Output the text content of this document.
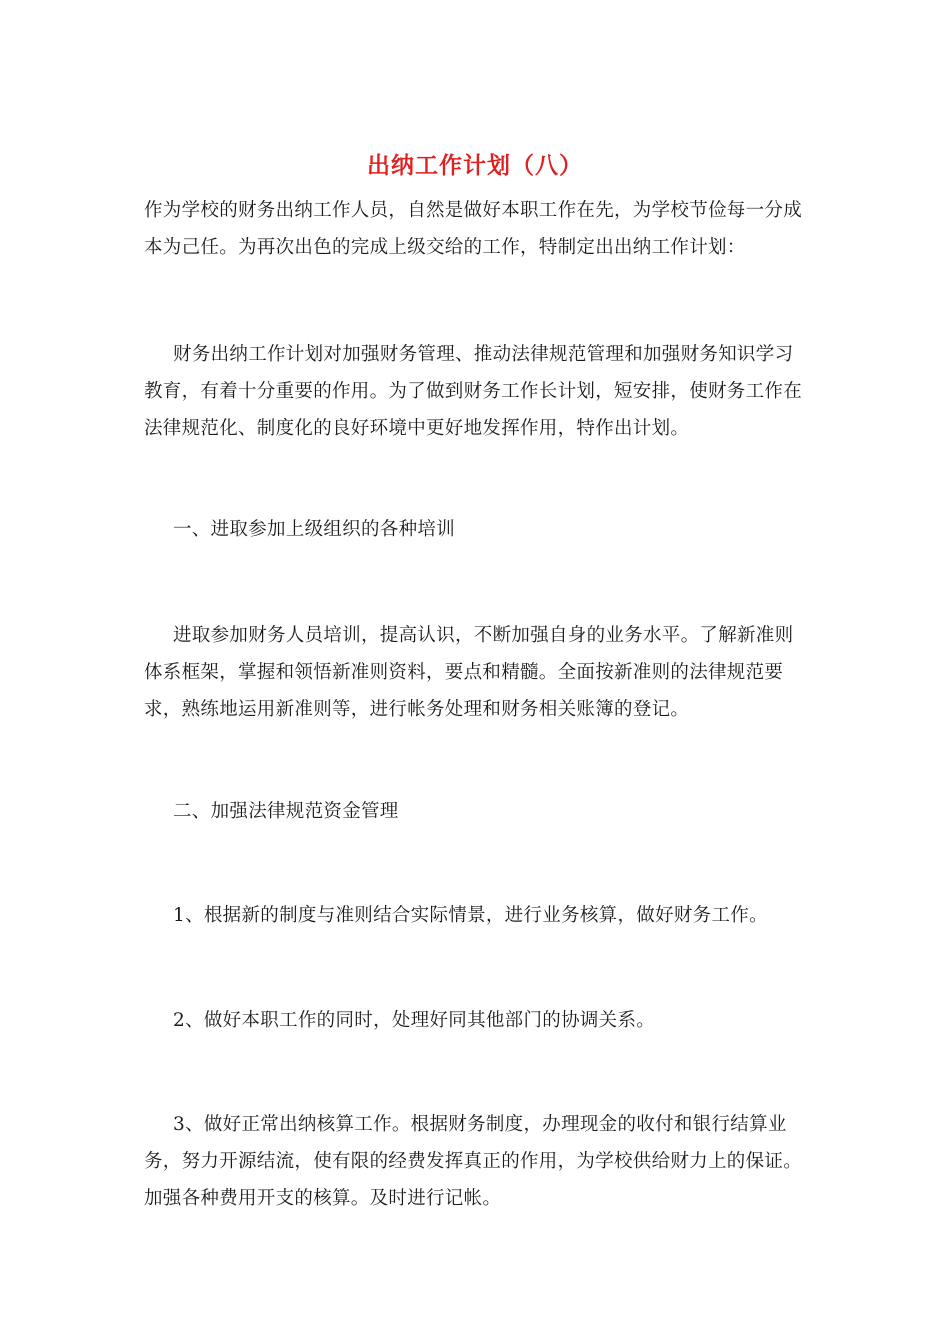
出纳工作计划（八）

作为学校的财务出纳工作人员，自然是做好本职工作在先，为学校节俭每一分成本为己任。为再次出色的完成上级交给的工作，特制定出出纳工作计划：

财务出纳工作计划对加强财务管理、推动法律规范管理和加强财务知识学习教育，有着十分重要的作用。为了做到财务工作长计划，短安排，使财务工作在法律规范化、制度化的良好环境中更好地发挥作用，特作出计划。

一、进取参加上级组织的各种培训

进取参加财务人员培训，提高认识，不断加强自身的业务水平。了解新准则体系框架，掌握和领悟新准则资料，要点和精髓。全面按新准则的法律规范要求，熟练地运用新准则等，进行帐务处理和财务相关账簿的登记。

二、加强法律规范资金管理

1、根据新的制度与准则结合实际情景，进行业务核算，做好财务工作。

2、做好本职工作的同时，处理好同其他部门的协调关系。

3、做好正常出纳核算工作。根据财务制度，办理现金的收付和银行结算业务，努力开源结流，使有限的经费发挥真正的作用，为学校供给财力上的保证。加强各种费用开支的核算。及时进行记帐。
